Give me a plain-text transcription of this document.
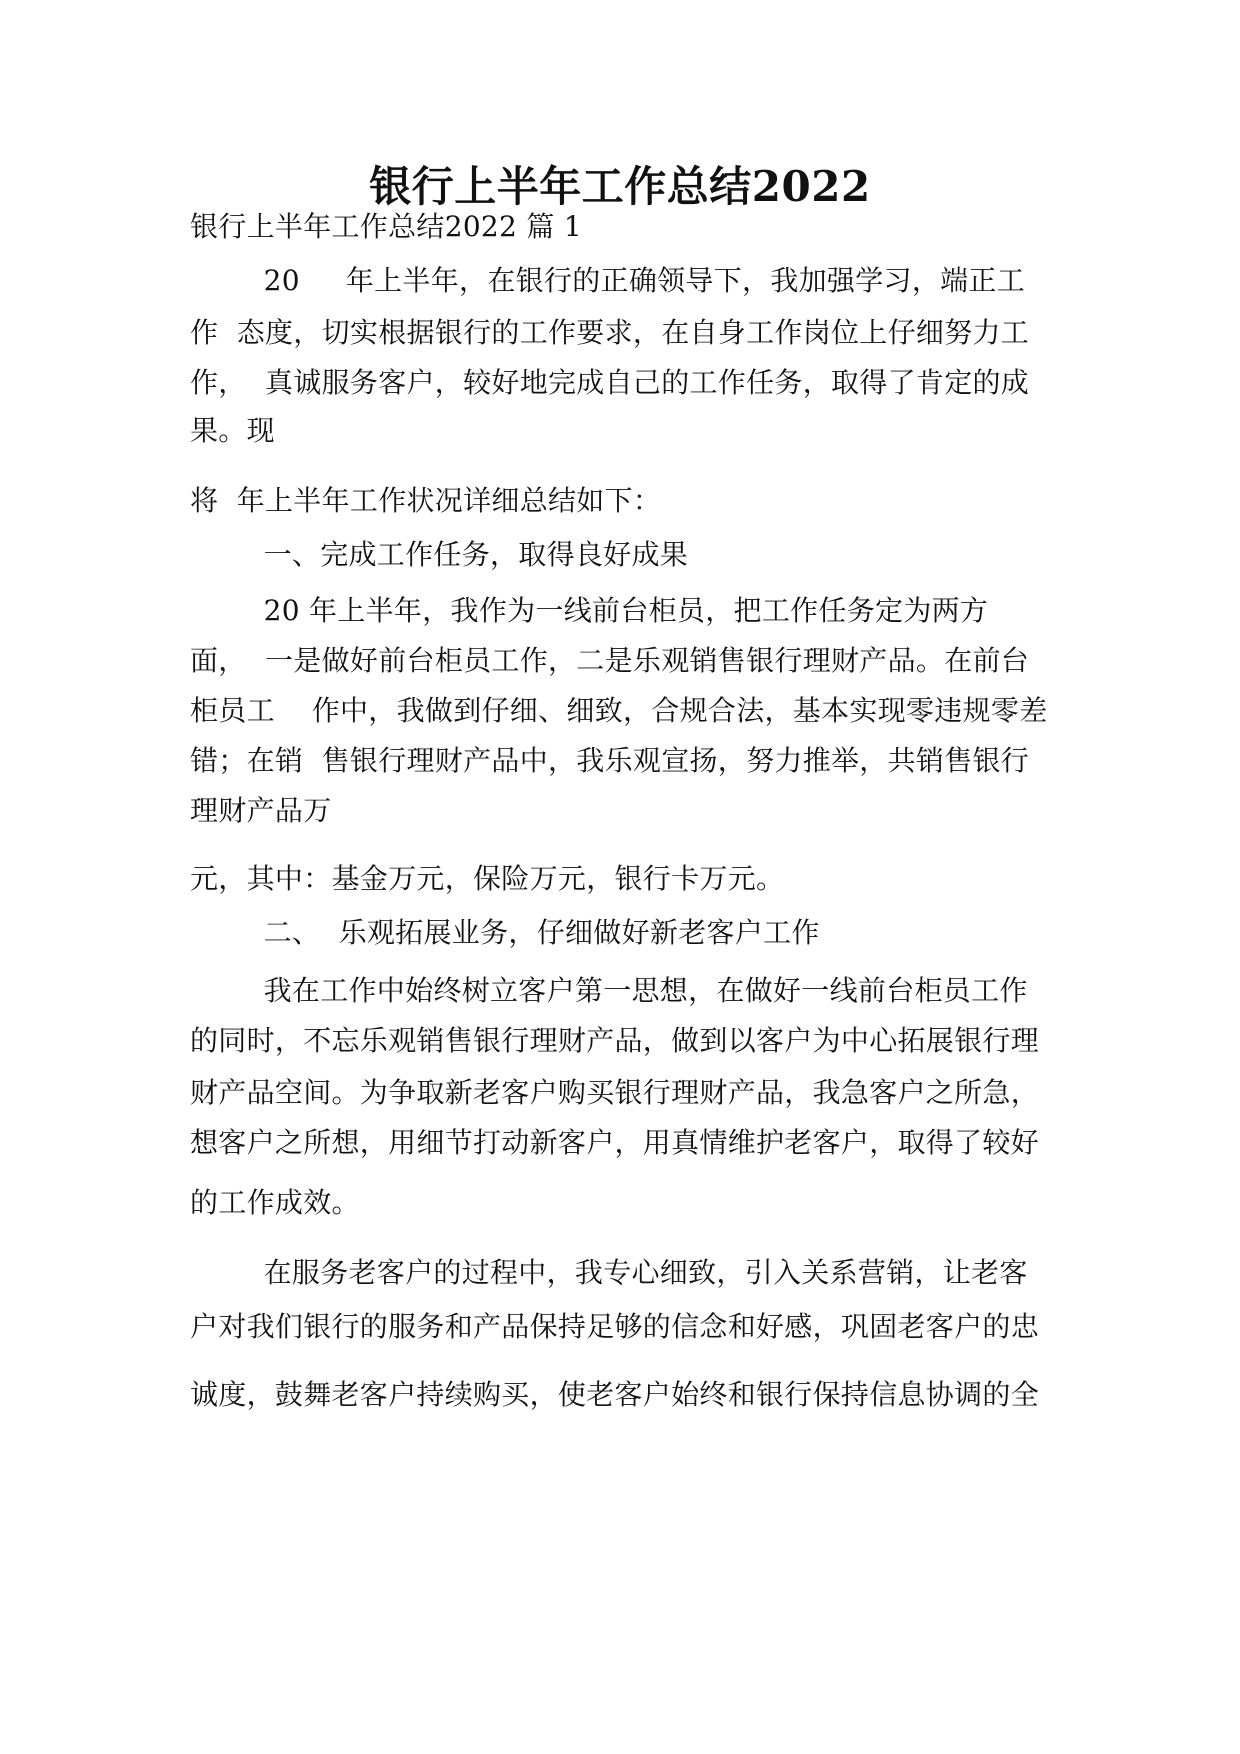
银行上半年工作总结2022
银行上半年工作总结2022 篇 1
20     年上半年，在银行的正确领导下，我加强学习，端正工
作  态度，切实根据银行的工作要求，在自身工作岗位上仔细努力工
作，  真诚服务客户，较好地完成自己的工作任务，取得了肯定的成
果。现
将  年上半年工作状况详细总结如下：
一、完成工作任务，取得良好成果
20 年上半年，我作为一线前台柜员，把工作任务定为两方
面，  一是做好前台柜员工作，二是乐观销售银行理财产品。在前台
柜员工    作中，我做到仔细、细致，合规合法，基本实现零违规零差
错；在销  售银行理财产品中，我乐观宣扬，努力推举，共销售银行
理财产品万
元，其中：基金万元，保险万元，银行卡万元。
二、  乐观拓展业务，仔细做好新老客户工作
我在工作中始终树立客户第一思想，在做好一线前台柜员工作
的同时，不忘乐观销售银行理财产品，做到以客户为中心拓展银行理
财产品空间。为争取新老客户购买银行理财产品，我急客户之所急，
想客户之所想，用细节打动新客户，用真情维护老客户，取得了较好
的工作成效。
在服务老客户的过程中，我专心细致，引入关系营销，让老客
户对我们银行的服务和产品保持足够的信念和好感，巩固老客户的忠
诚度，鼓舞老客户持续购买，使老客户始终和银行保持信息协调的全
